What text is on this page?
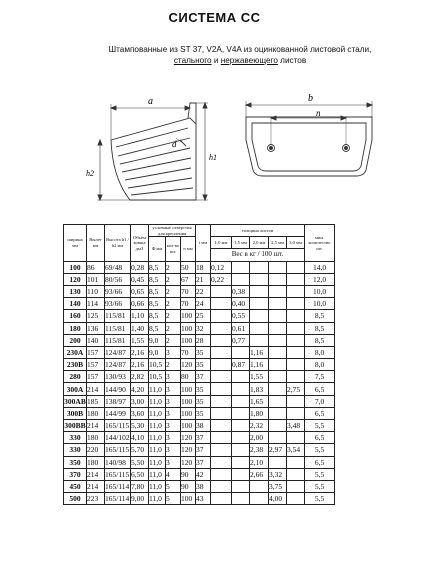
СИСТЕМА СС
Штампованные из ST 37, V2A, V4A из оцинкованной листовой стали,
стального и нержавеющего листов
a
d
h1
h2
b
n
ширина мм	Вылет мм	Высота h1 / h2 мм	Объём ковша дм3	условные отверстия для крепления			i мм	толщина листов					мин. количество шт.
				Ф мм	кол-во шт.	n мм		1,0 мм	1,5 мм	2,0 мм	2,5 мм	3,0 мм	
								Вес в кг / 100 шт.					
100	86	69/48	0,28	8,5	2	50	18	0,12					14,0
120	101	80/56	0,45	8,5	2	67	21	0,22					12,0
130	110	93/66	0,65	8,5	2	70	22		0,38				10,0
140	114	93/66	0,66	8,5	2	70	24		0,40				10,0
160	125	115/81	1,10	8,5	2	100	25		0,55				8,5
180	136	115/81	1,40	8,5	2	100	32		0,61				8,5
200	140	115/81	1,55	9,0	2	100	28		0,77				8,5
230А	157	124/87	2,16	9,0	3	70	35			1,16			8,0
230В	157	124/87	2,16	10,5	2	120	35		0,87	1,16			8,0
280	157	130/93	2,82	10,5	3	80	37			1,55			7,5
300А	214	144/90	4,20	11,0	3	100	35			1,83		2,75	6,5
300АВ	185	138/97	3,00	11,0	3	100	35			1,65			7,0
300В	180	144/99	3,60	11,0	3	100	35			1,80			6,5
300ВВ	214	165/115	5,30	11,0	3	100	38			2,32		3,48	5,5
330	180	144/102	4,10	11,0	3	120	37			2,00			6,5
330	220	165/115	5,70	11,0	3	120	37			2,38	2,97	3,54	5,5
350	180	140/98	5,50	11,0	3	120	37			2,10			6,5
370	214	165/115	6,50	11,0	4	90	42			2,66	3,32		5,5
450	214	165/114	7,80	11,0	5	90	38				3,75		5,5
500	223	165/114	9,00	11,0	5	100	43				4,00		5,5
